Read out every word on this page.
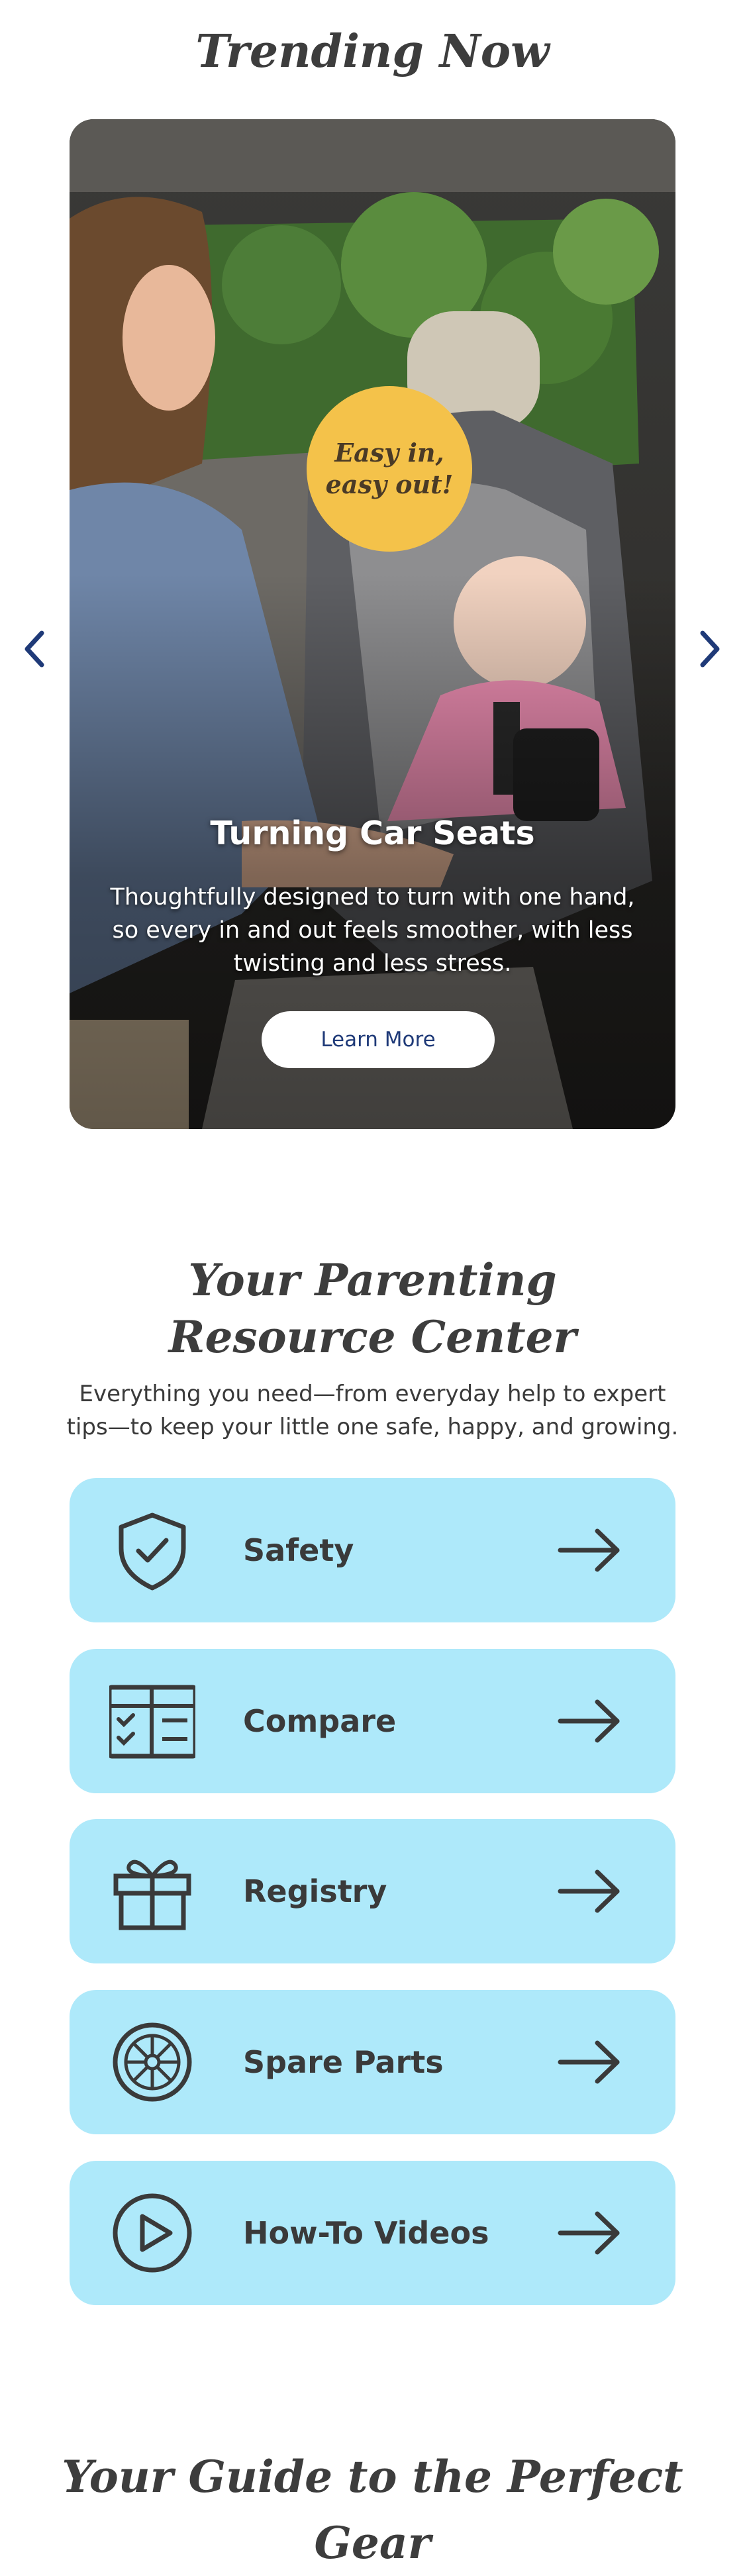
Trending Now
Easy in,
easy out!
Turning Car Seats
Thoughtfully designed to turn with one hand, so every in and out feels smoother, with less twisting and less stress.
Learn More
Your Parenting
Resource Center

Everything you need—from everyday help to expert
tips—to keep your little one safe, happy, and growing.

Safety
Compare
Registry
Spare Parts
How-To Videos
Your Guide to the Perfect Gear
